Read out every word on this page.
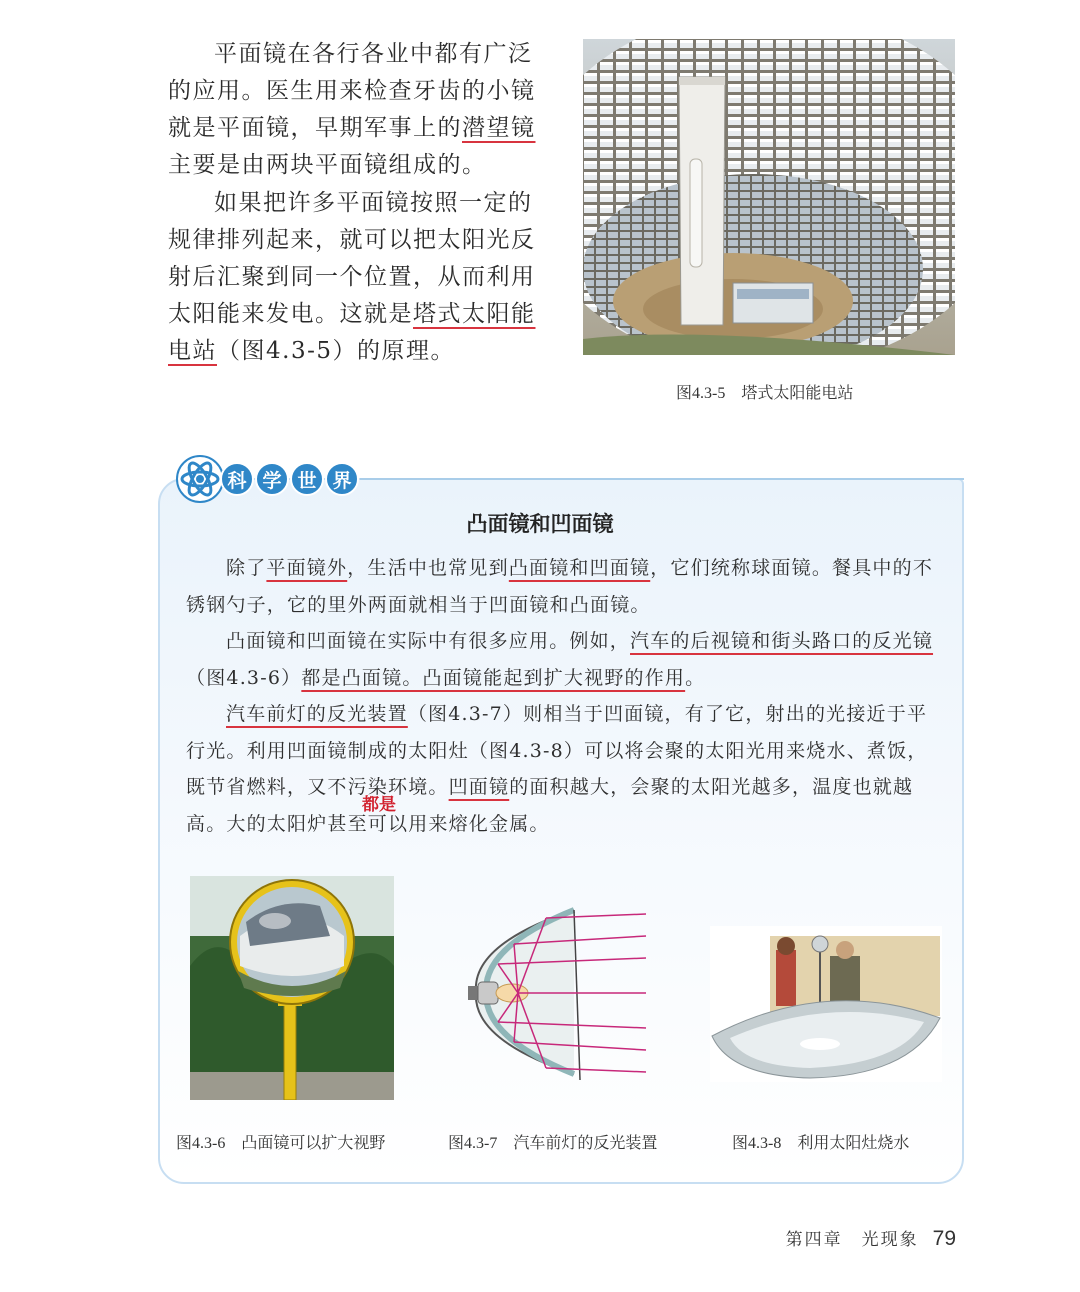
平面镜在各行各业中都有广泛的应用。医生用来检查牙齿的小镜就是平面镜，早期军事上的潜望镜主要是由两块平面镜组成的。

如果把许多平面镜按照一定的规律排列起来，就可以把太阳光反射后汇聚到同一个位置，从而利用太阳能来发电。这就是塔式太阳能电站（图4.3-5）的原理。

图4.3-5 塔式太阳能电站
科 学 世 界
凸面镜和凹面镜

除了平面镜外，生活中也常见到凸面镜和凹面镜，它们统称球面镜。餐具中的不锈钢勺子，它的里外两面就相当于凹面镜和凸面镜。

凸面镜和凹面镜在实际中有很多应用。例如，汽车的后视镜和街头路口的反光镜（图4.3-6）都是凸面镜。凸面镜能起到扩大视野的作用。

汽车前灯的反光装置（图4.3-7）则相当于凹面镜，有了它，射出的光接近于平行光。利用凹面镜制成的太阳灶（图4.3-8）可以将会聚的太阳光用来烧水、煮饭，既节省燃料，又不污染环境。凹面镜的面积越大，会聚的太阳光越多，温度也就越高。大的太阳炉甚至可以用来熔化金属。

都是
图4.3-6 凸面镜可以扩大视野	图4.3-7 汽车前灯的反光装置	图4.3-8 利用太阳灶烧水
第四章　光现象 79
